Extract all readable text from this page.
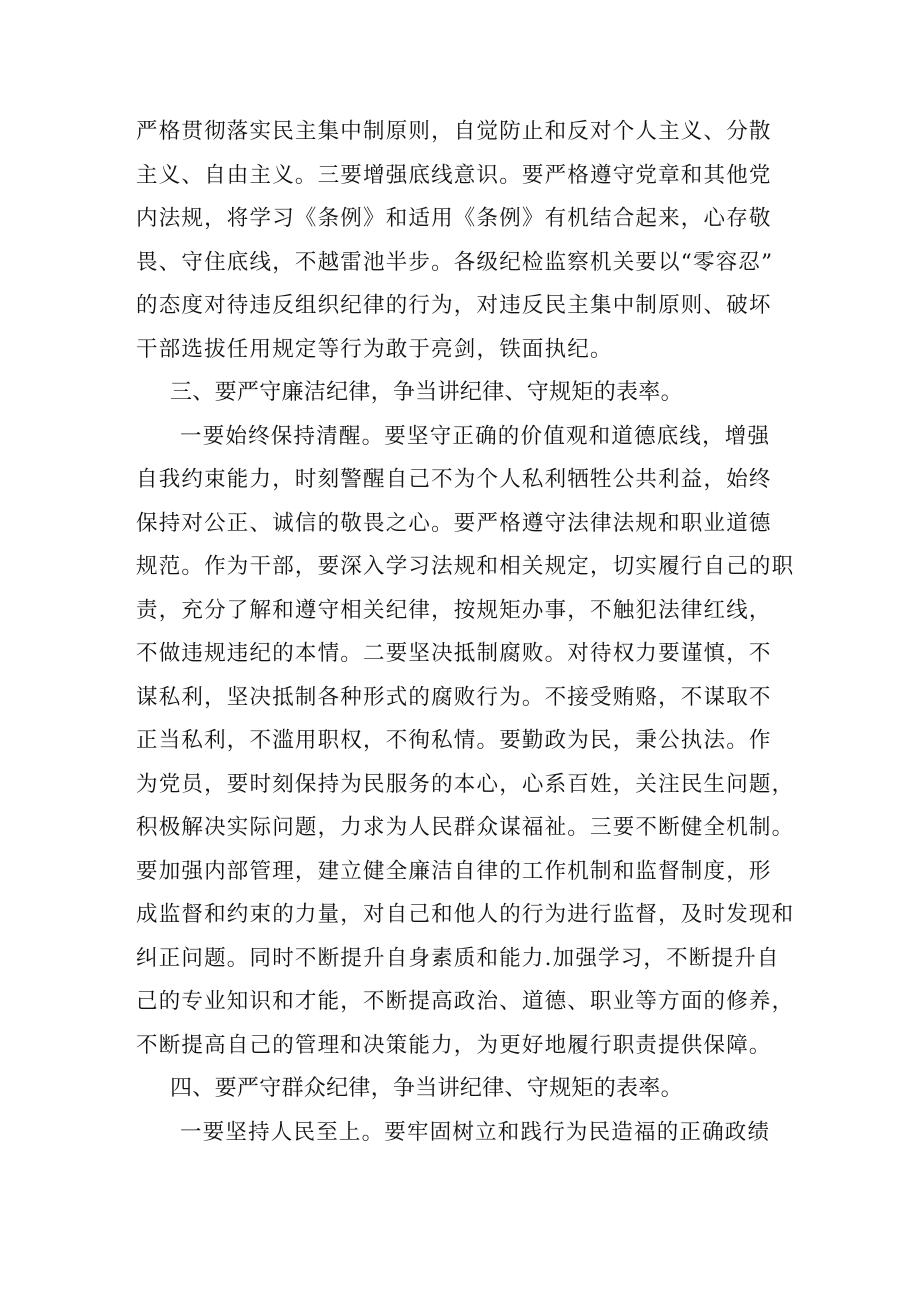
严格贯彻落实民主集中制原则，自觉防止和反对个人主义、分散
主义、自由主义。三要增强底线意识。要严格遵守党章和其他党
内法规，将学习《条例》和适用《条例》有机结合起来，心存敬
畏、守住底线，不越雷池半步。各级纪检监察机关要以“零容忍”
的态度对待违反组织纪律的行为，对违反民主集中制原则、破坏
干部选拔任用规定等行为敢于亮剑，铁面执纪。
三、要严守廉洁纪律，争当讲纪律、守规矩的表率。
一要始终保持清醒。要坚守正确的价值观和道德底线，增强
自我约束能力，时刻警醒自己不为个人私利牺牲公共利益，始终
保持对公正、诚信的敬畏之心。要严格遵守法律法规和职业道德
规范。作为干部，要深入学习法规和相关规定，切实履行自己的职
责，充分了解和遵守相关纪律，按规矩办事，不触犯法律红线，
不做违规违纪的本情。二要坚决抵制腐败。对待权力要谨慎，不
谋私利，坚决抵制各种形式的腐败行为。不接受贿赂，不谋取不
正当私利，不滥用职权，不徇私情。要勤政为民，秉公执法。作
为党员，要时刻保持为民服务的本心，心系百姓，关注民生问题，
积极解决实际问题，力求为人民群众谋福祉。三要不断健全机制。
要加强内部管理，建立健全廉洁自律的工作机制和监督制度，形
成监督和约束的力量，对自己和他人的行为进行监督，及时发现和
纠正问题。同时不断提升自身素质和能力.加强学习，不断提升自
己的专业知识和才能，不断提高政治、道德、职业等方面的修养，
不断提高自己的管理和决策能力，为更好地履行职责提供保障。
四、要严守群众纪律，争当讲纪律、守规矩的表率。
一要坚持人民至上。要牢固树立和践行为民造福的正确政绩
